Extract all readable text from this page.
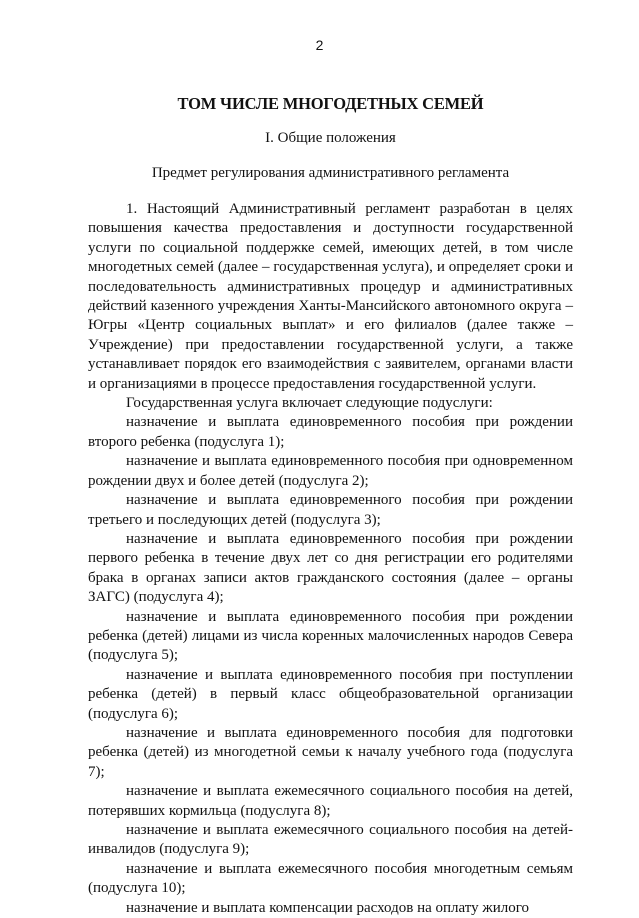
2
ТОМ ЧИСЛЕ МНОГОДЕТНЫХ СЕМЕЙ
I. Общие положения
Предмет регулирования административного регламента

1. Настоящий Административный регламент разработан в целях повышения качества предоставления и доступности государственной услуги по социальной поддержке семей, имеющих детей, в том числе многодетных семей (далее – государственная услуга), и определяет сроки и последовательность административных процедур и административных действий казенного учреждения Ханты-Мансийского автономного округа – Югры «Центр социальных выплат» и его филиалов (далее также – Учреждение) при предоставлении государственной услуги, а также устанавливает порядок его взаимодействия с заявителем, органами власти и организациями в процессе предоставления государственной услуги.

Государственная услуга включает следующие подуслуги:

назначение и выплата единовременного пособия при рождении второго ребенка (подуслуга 1);

назначение и выплата единовременного пособия при одновременном рождении двух и более детей (подуслуга 2);

назначение и выплата единовременного пособия при рождении третьего и последующих детей (подуслуга 3);

назначение и выплата единовременного пособия при рождении первого ребенка в течение двух лет со дня регистрации его родителями брака в органах записи актов гражданского состояния (далее – органы ЗАГС) (подуслуга 4);

назначение и выплата единовременного пособия при рождении ребенка (детей) лицами из числа коренных малочисленных народов Севера (подуслуга 5);

назначение и выплата единовременного пособия при поступлении ребенка (детей) в первый класс общеобразовательной организации (подуслуга 6);

назначение и выплата единовременного пособия для подготовки ребенка (детей) из многодетной семьи к началу учебного года (подуслуга 7);

назначение и выплата ежемесячного социального пособия на детей, потерявших кормильца (подуслуга 8);

назначение и выплата ежемесячного социального пособия на детей-инвалидов (подуслуга 9);

назначение и выплата ежемесячного пособия многодетным семьям (подуслуга 10);

назначение и выплата компенсации расходов на оплату жилого
